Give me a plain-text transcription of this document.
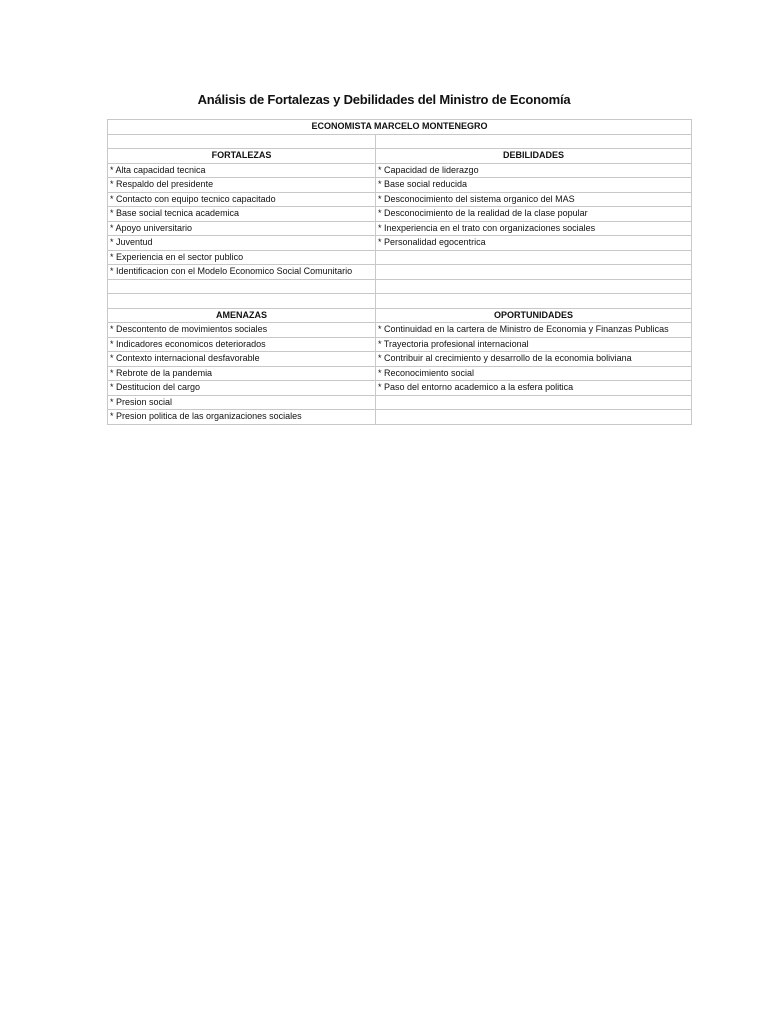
Análisis de Fortalezas y Debilidades del Ministro de Economía
ECONOMISTA MARCELO MONTENEGRO	

FORTALEZAS	DEBILIDADES
* Alta capacidad tecnica	* Capacidad de liderazgo
* Respaldo del presidente	* Base social reducida
* Contacto con equipo tecnico capacitado	* Desconocimiento del sistema organico del MAS
* Base social tecnica academica	* Desconocimiento de la realidad de la clase popular
* Apoyo universitario	* Inexperiencia en el trato con organizaciones sociales
* Juventud	* Personalidad egocentrica
* Experiencia en el sector publico	
* Identificacion con el Modelo Economico Social Comunitario	

AMENAZAS	OPORTUNIDADES
* Descontento de movimientos sociales	* Continuidad en la cartera de Ministro de Economia y Finanzas Publicas
* Indicadores economicos deteriorados	* Trayectoria profesional internacional
* Contexto internacional desfavorable	* Contribuir al crecimiento y desarrollo de la economia boliviana
* Rebrote de la pandemia	* Reconocimiento social
* Destitucion del cargo	* Paso del entorno academico a la esfera politica
* Presion social	
* Presion politica de las organizaciones sociales	
